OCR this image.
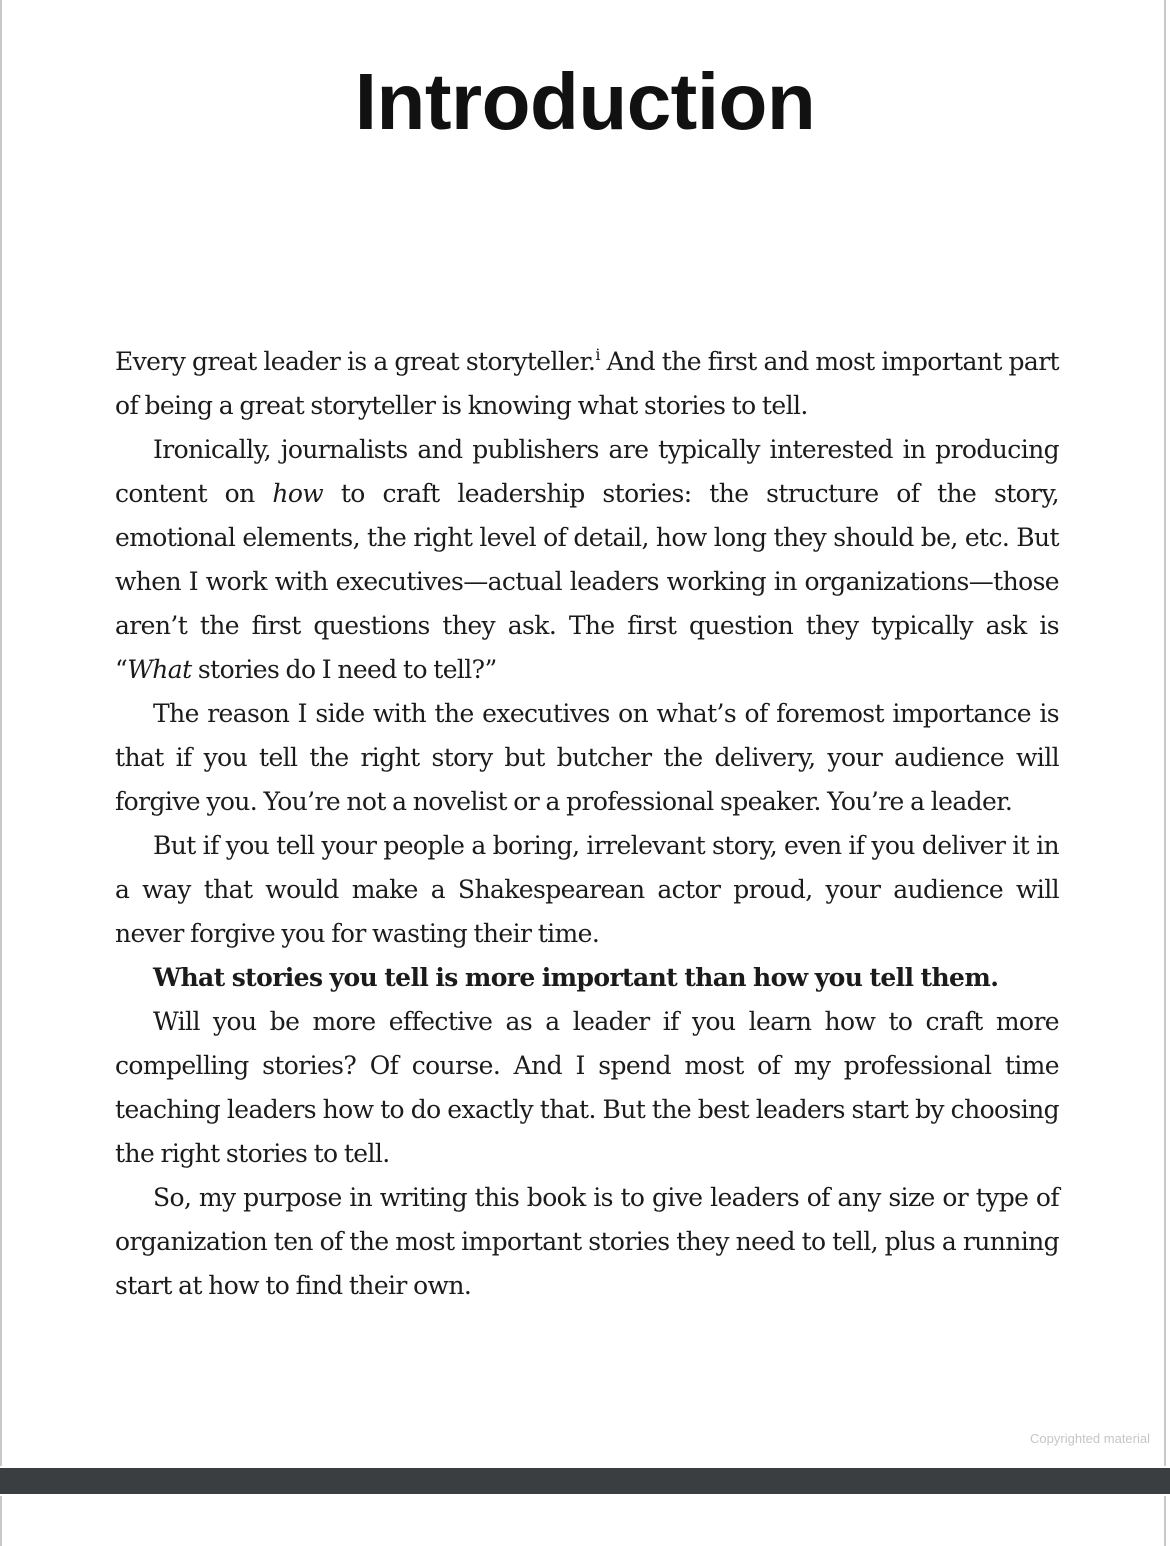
Introduction

Every great leader is a great storyteller.$^i$ And the first and most important part of being a great storyteller is knowing what stories to tell.

Ironically, journalists and publishers are typically interested in producing content on how to craft leadership stories: the structure of the story, emotional elements, the right level of detail, how long they should be, etc. But when I work with executives—actual leaders working in organizations—those aren’t the first questions they ask. The first question they typically ask is “What stories do I need to tell?”

The reason I side with the executives on what’s of foremost importance is that if you tell the right story but butcher the delivery, your audience will forgive you. You’re not a novelist or a professional speaker. You’re a leader.

But if you tell your people a boring, irrelevant story, even if you deliver it in a way that would make a Shakespearean actor proud, your audience will never forgive you for wasting their time.

What stories you tell is more important than how you tell them.

Will you be more effective as a leader if you learn how to craft more compelling stories? Of course. And I spend most of my professional time teaching leaders how to do exactly that. But the best leaders start by choosing the right stories to tell.

So, my purpose in writing this book is to give leaders of any size or type of organization ten of the most important stories they need to tell, plus a running start at how to find their own.

Copyrighted material
